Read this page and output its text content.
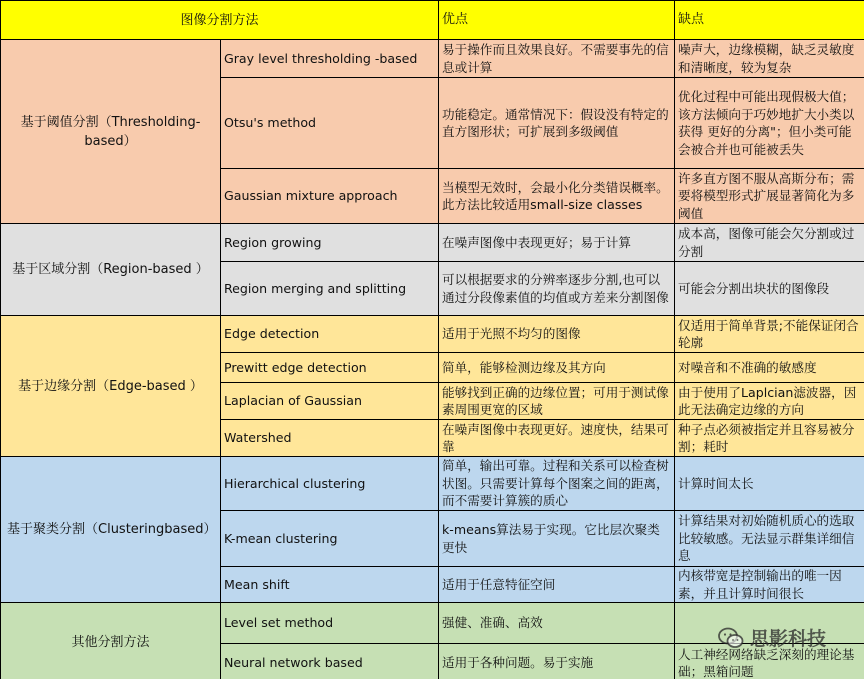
图像分割方法		优点	缺点
基于阈值分割（Thresholding-based）	Gray level thresholding -based	易于操作而且效果良好。不需要事先的信息或计算	噪声大，边缘模糊，缺乏灵敏度和清晰度，较为复杂
	Otsu's method	功能稳定。通常情况下：假设没有特定的直方图形状；可扩展到多级阈值	优化过程中可能出现假极大值；该方法倾向于巧妙地扩大小类以获得 更好的分离"；但小类可能会被合并也可能被丢失
	Gaussian mixture approach	当模型无效时，会最小化分类错误概率。此方法比较适用small-size classes	许多直方图不服从高斯分布；需要将模型形式扩展显著简化为多阈值
基于区域分割（Region-based ）	Region growing	在噪声图像中表现更好；易于计算	成本高，图像可能会欠分割或过分割
	Region merging and splitting	可以根据要求的分辨率逐步分割,也可以通过分段像素值的均值或方差来分割图像	可能会分割出块状的图像段
基于边缘分割（Edge-based ）	Edge detection	适用于光照不均匀的图像	仅适用于简单背景;不能保证闭合轮廓
	Prewitt edge detection	简单，能够检测边缘及其方向	对噪音和不准确的敏感度
	Laplacian of Gaussian	能够找到正确的边缘位置；可用于测试像素周围更宽的区域	由于使用了Laplcian滤波器，因此无法确定边缘的方向
	Watershed	在噪声图像中表现更好。速度快，结果可靠	种子点必须被指定并且容易被分割；耗时
基于聚类分割（Clusteringbased）	Hierarchical clustering	简单，输出可靠。过程和关系可以检查树状图。只需要计算每个图案之间的距离，而不需要计算簇的质心	计算时间太长
	K-mean clustering	k-means算法易于实现。它比层次聚类更快	计算结果对初始随机质心的选取比较敏感。无法显示群集详细信息
	Mean shift	适用于任意特征空间	内核带宽是控制输出的唯一因素，并且计算时间很长
其他分割方法	Level set method	强健、准确、高效	
	Neural network based	适用于各种问题。易于实施	人工神经网络缺乏深刻的理论基础；黑箱问题
思影科技
